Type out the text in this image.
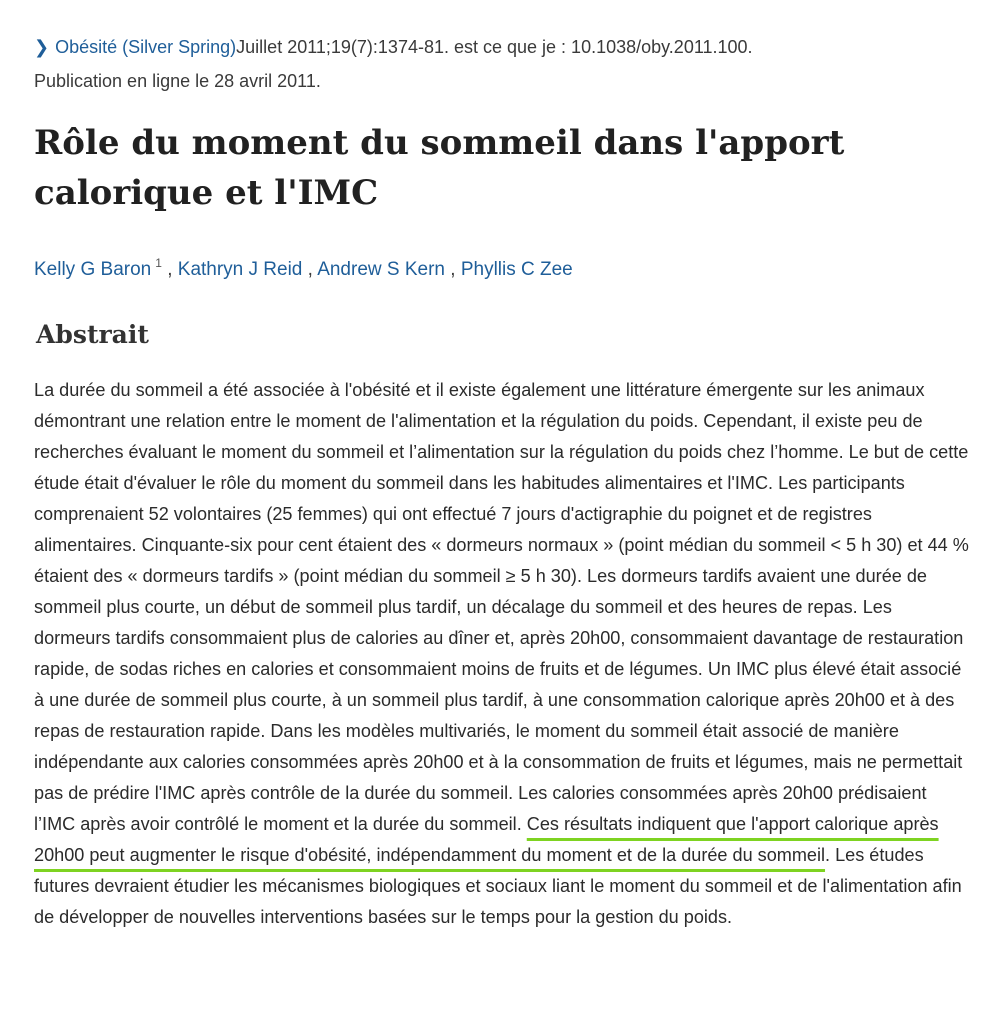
❯ Obésité (Silver Spring)Juillet 2011;19(7):1374-81. est ce que je : 10.1038/oby.2011.100.
Publication en ligne le 28 avril 2011.
Rôle du moment du sommeil dans l'apport calorique et l'IMC
Kelly G Baron $^1$ , Kathryn J Reid , Andrew S Kern , Phyllis C Zee
Abstrait

La durée du sommeil a été associée à l'obésité et il existe également une littérature émergente sur les animaux démontrant une relation entre le moment de l'alimentation et la régulation du poids. Cependant, il existe peu de recherches évaluant le moment du sommeil et l’alimentation sur la régulation du poids chez l’homme. Le but de cette étude était d'évaluer le rôle du moment du sommeil dans les habitudes alimentaires et l'IMC. Les participants comprenaient 52 volontaires (25 femmes) qui ont effectué 7 jours d'actigraphie du poignet et de registres alimentaires. Cinquante-six pour cent étaient des « dormeurs normaux » (point médian du sommeil < 5 h 30) et 44 % étaient des « dormeurs tardifs » (point médian du sommeil ≥ 5 h 30). Les dormeurs tardifs avaient une durée de sommeil plus courte, un début de sommeil plus tardif, un décalage du sommeil et des heures de repas. Les dormeurs tardifs consommaient plus de calories au dîner et, après 20h00, consommaient davantage de restauration rapide, de sodas riches en calories et consommaient moins de fruits et de légumes. Un IMC plus élevé était associé à une durée de sommeil plus courte, à un sommeil plus tardif, à une consommation calorique après 20h00 et à des repas de restauration rapide. Dans les modèles multivariés, le moment du sommeil était associé de manière indépendante aux calories consommées après 20h00 et à la consommation de fruits et légumes, mais ne permettait pas de prédire l'IMC après contrôle de la durée du sommeil. Les calories consommées après 20h00 prédisaient l’IMC après avoir contrôlé le moment et la durée du sommeil. Ces résultats indiquent que l'apport calorique après 20h00 peut augmenter le risque d'obésité, indépendamment du moment et de la durée du sommeil. Les études futures devraient étudier les mécanismes biologiques et sociaux liant le moment du sommeil et de l'alimentation afin de développer de nouvelles interventions basées sur le temps pour la gestion du poids.
